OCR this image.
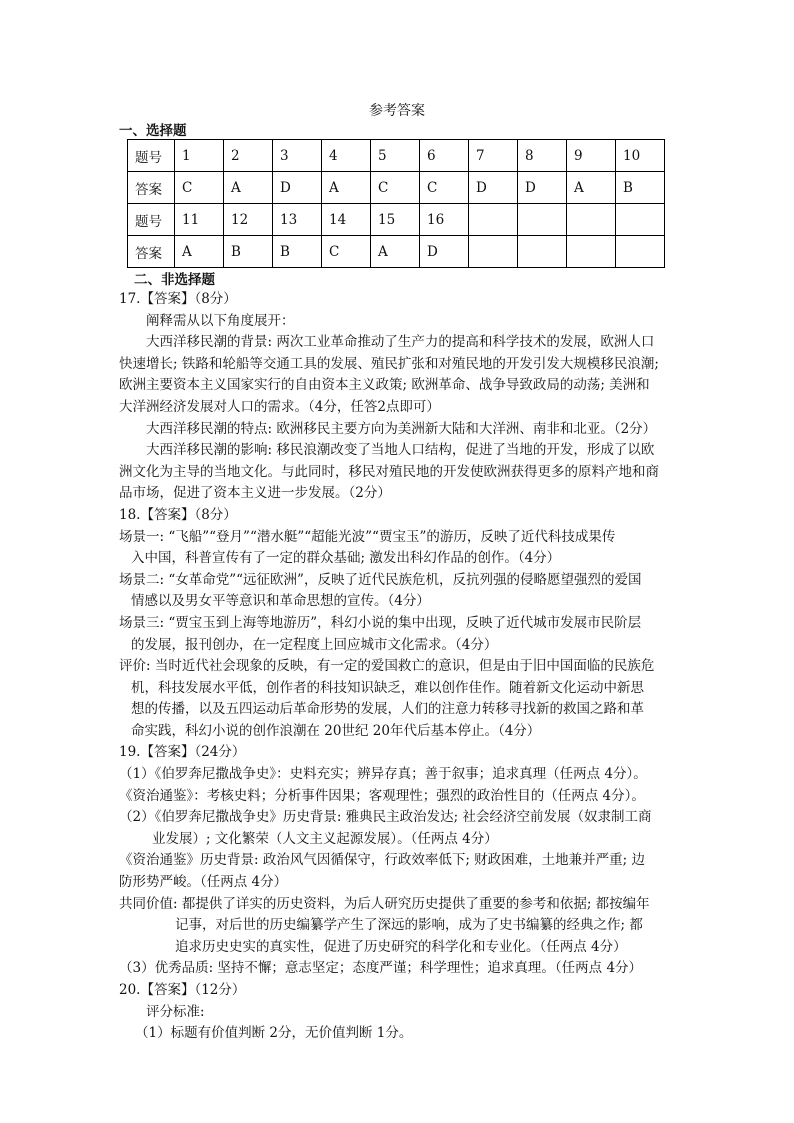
参考答案
一、选择题
题号	1	2	3	4	5	6	7	8	9	10
答案	C	A	D	A	C	C	D	D	A	B
题号	11	12	13	14	15	16				
答案	A	B	B	C	A	D				
二、非选择题
17.【答案】（8分）
阐释需从以下角度展开：
大西洋移民潮的背景: 两次工业革命推动了生产力的提高和科学技术的发展，欧洲人口
快速增长; 铁路和轮船等交通工具的发展、殖民扩张和对殖民地的开发引发大规模移民浪潮;
欧洲主要资本主义国家实行的自由资本主义政策; 欧洲革命、战争导致政局的动荡; 美洲和
大洋洲经济发展对人口的需求。（4分，任答2点即可）
大西洋移民潮的特点: 欧洲移民主要方向为美洲新大陆和大洋洲、南非和北亚。（2分）
大西洋移民潮的影响: 移民浪潮改变了当地人口结构，促进了当地的开发，形成了以欧
洲文化为主导的当地文化。与此同时，移民对殖民地的开发使欧洲获得更多的原料产地和商
品市场，促进了资本主义进一步发展。（2分）
18.【答案】（8分）
场景一: “飞船”“登月”“潜水艇”“超能光波”“贾宝玉”的游历，反映了近代科技成果传
入中国，科普宣传有了一定的群众基础; 激发出科幻作品的创作。（4分）
场景二: “女革命党”“远征欧洲”，反映了近代民族危机，反抗列强的侵略愿望强烈的爱国
情感以及男女平等意识和革命思想的宣传。（4分）
场景三: “贾宝玉到上海等地游历”，科幻小说的集中出现，反映了近代城市发展市民阶层
的发展，报刊创办，在一定程度上回应城市文化需求。（4分）
评价: 当时近代社会现象的反映，有一定的爱国救亡的意识，但是由于旧中国面临的民族危
机，科技发展水平低，创作者的科技知识缺乏，难以创作佳作。随着新文化运动中新思
想的传播，以及五四运动后革命形势的发展，人们的注意力转移寻找新的救国之路和革
命实践，科幻小说的创作浪潮在 20世纪 20年代后基本停止。（4分）
19.【答案】（24分）
（1）《伯罗奔尼撒战争史》：史料充实；辨异存真；善于叙事；追求真理（任两点 4分）。
《资治通鉴》：考核史料；分析事件因果；客观理性；强烈的政治性目的（任两点 4分）。
（2）《伯罗奔尼撒战争史》历史背景: 雅典民主政治发达; 社会经济空前发展（奴隶制工商
业发展）; 文化繁荣（人文主义起源发展）。（任两点 4分）
《资治通鉴》历史背景: 政治风气因循保守，行政效率低下; 财政困难，土地兼并严重; 边
防形势严峻。（任两点 4分）
共同价值: 都提供了详实的历史资料，为后人研究历史提供了重要的参考和依据; 都按编年
记事，对后世的历史编纂学产生了深远的影响，成为了史书编纂的经典之作; 都
追求历史史实的真实性，促进了历史研究的科学化和专业化。（任两点 4分）
（3）优秀品质: 坚持不懈；意志坚定；态度严谨；科学理性；追求真理。（任两点 4分）
20.【答案】（12分）
评分标准:
（1）标题有价值判断 2分，无价值判断 1分。
